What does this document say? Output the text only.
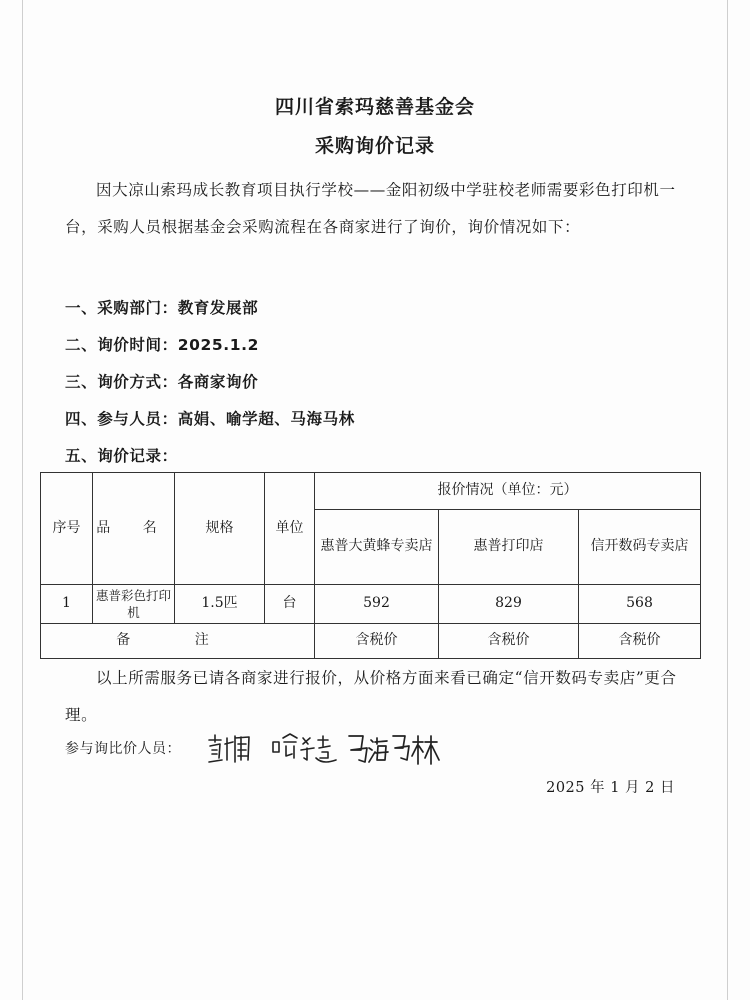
四川省索玛慈善基金会
采购询价记录
因大凉山索玛成长教育项目执行学校——金阳初级中学驻校老师需要彩色打印机一台，采购人员根据基金会采购流程在各商家进行了询价，询价情况如下：
一、采购部门：教育发展部
二、询价时间：2025.1.2
三、询价方式：各商家询价
四、参与人员：高娟、喻学超、马海马林
五、询价记录：
序号	品 名	规格	单位	报价情况（单位：元）		
				惠普大黄蜂专卖店	惠普打印店	信开数码专卖店
1	惠普彩色打印机	1.5匹	台	592	829	568
备 注				含税价	含税价	含税价
以上所需服务已请各商家进行报价，从价格方面来看已确定“信开数码专卖店”更合理。
参与询比价人员：
2025 年 1 月 2 日
